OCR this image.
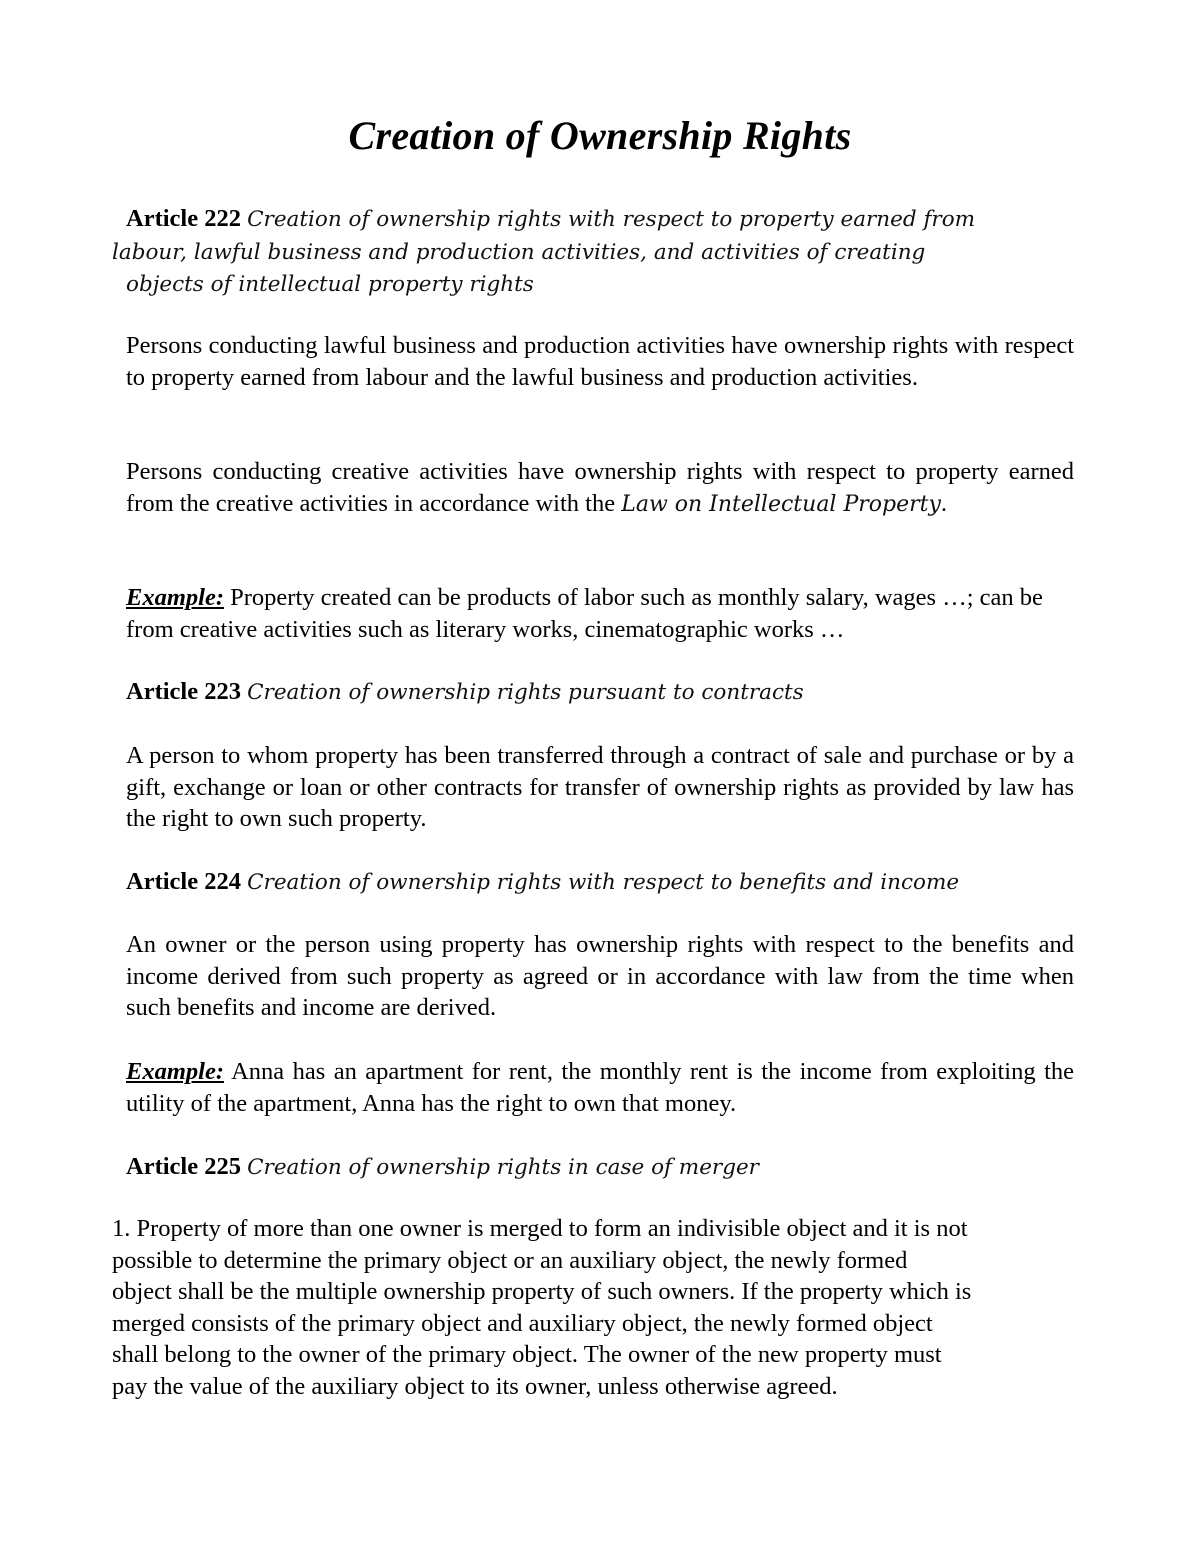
Creation of Ownership Rights
Article 222 Creation of ownership rights with respect to property earned from
labour, lawful business and production activities, and activities of creating
objects of intellectual property rights
Persons conducting lawful business and production activities have ownership rights with respect to property earned from labour and the lawful business and production activities.
Persons conducting creative activities have ownership rights with respect to property earned from the creative activities in accordance with the Law on Intellectual Property.
Example: Property created can be products of labor such as monthly salary, wages …; can be from creative activities such as literary works, cinematographic works …
Article 223 Creation of ownership rights pursuant to contracts
A person to whom property has been transferred through a contract of sale and purchase or by a gift, exchange or loan or other contracts for transfer of ownership rights as provided by law has the right to own such property.
Article 224 Creation of ownership rights with respect to benefits and income
An owner or the person using property has ownership rights with respect to the benefits and income derived from such property as agreed or in accordance with law from the time when such benefits and income are derived.
Example: Anna has an apartment for rent, the monthly rent is the income from exploiting the utility of the apartment, Anna has the right to own that money.
Article 225 Creation of ownership rights in case of merger
1. Property of more than one owner is merged to form an indivisible object and it is not
possible to determine the primary object or an auxiliary object, the newly formed
object shall be the multiple ownership property of such owners. If the property which is
merged consists of the primary object and auxiliary object, the newly formed object
shall belong to the owner of the primary object. The owner of the new property must
pay the value of the auxiliary object to its owner, unless otherwise agreed.
